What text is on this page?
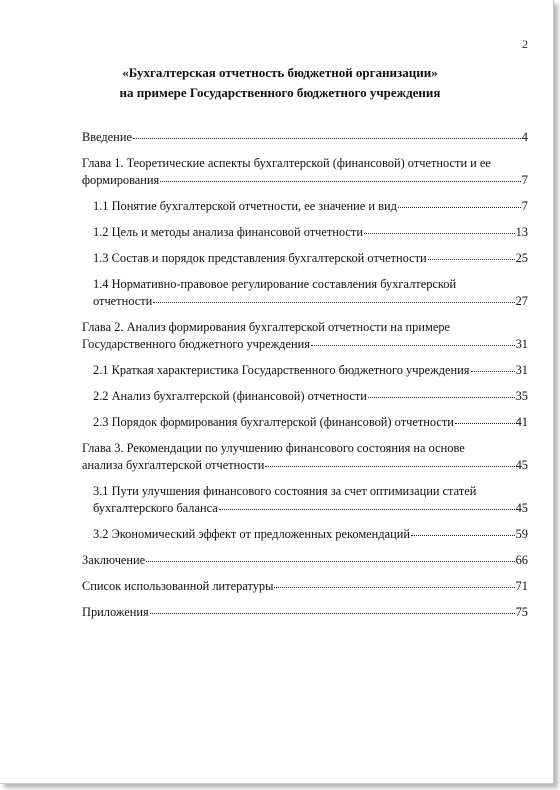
2
«Бухгалтерская отчетность бюджетной организации»
на примере Государственного бюджетного учреждения
Введение	4
Глава 1. Теоретические аспекты бухгалтерской (финансовой) отчетности и ее
формирования	7
1.1 Понятие бухгалтерской отчетности, ее значение и вид	7
1.2 Цель и методы анализа финансовой отчетности	13
1.3 Состав и порядок представления бухгалтерской отчетности	25
1.4 Нормативно-правовое регулирование составления бухгалтерской
отчетности	27
Глава 2. Анализ формирования бухгалтерской отчетности на примере
Государственного бюджетного учреждения	31
2.1 Краткая характеристика Государственного бюджетного учреждения	31
2.2 Анализ бухгалтерской (финансовой) отчетности	35
2.3 Порядок формирования бухгалтерской (финансовой) отчетности	41
Глава 3. Рекомендации по улучшению финансового состояния на основе
анализа бухгалтерской отчетности	45
3.1 Пути улучшения финансового состояния за счет оптимизации статей
бухгалтерского баланса	45
3.2 Экономический эффект от предложенных рекомендаций	59
Заключение	66
Список использованной литературы	71
Приложения	75
